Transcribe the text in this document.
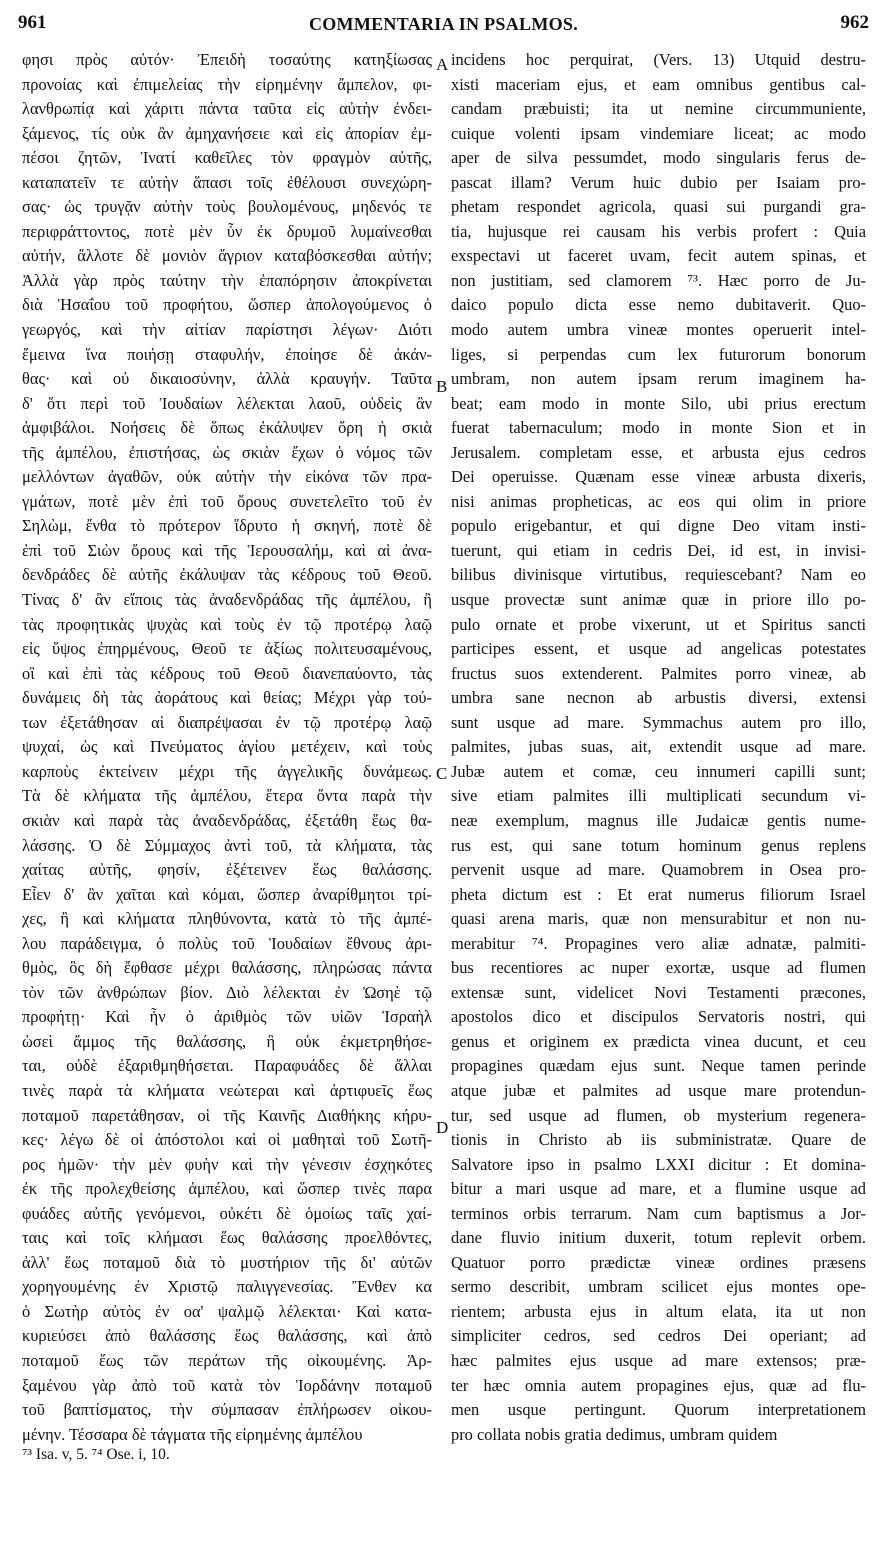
961	COMMENTARIA IN PSALMOS.	962
φησι πρὸς αὐτόν· Ἐπειδὴ τοσαύτης κατηξίωσας
προνοίας καὶ ἐπιμελείας τὴν εἰρημένην ἄμπελον, φι-
λανθρωπίᾳ καὶ χάριτι πάντα ταῦτα εἰς αὐτὴν ἐνδει-
ξάμενος, τίς οὐκ ἂν ἀμηχανήσειε καὶ εἰς ἀπορίαν ἐμ-
πέσοι ζητῶν, Ἱνατί καθεῖλες τὸν φραγμὸν αὐτῆς,
καταπατεῖν τε αὐτὴν ἅπασι τοῖς ἐθέλουσι συνεχώρη-
σας· ὡς τρυγᾷν αὐτὴν τοὺς βουλομένους, μηδενός τε
περιφράττοντος, ποτὲ μὲν ὗν ἐκ δρυμοῦ λυμαίνεσθαι
αὐτήν, ἄλλοτε δὲ μονιὸν ἄγριον καταβόσκεσθαι αὐτήν;
Ἀλλὰ γὰρ πρὸς ταύτην τὴν ἐπαπόρησιν ἀποκρίνεται
διὰ Ἡσαΐου τοῦ προφήτου, ὥσπερ ἀπολογούμενος ὁ
γεωργός, καὶ τὴν αἰτίαν παρίστησι λέγων· Διότι
ἔμεινα ἵνα ποιήσῃ σταφυλήν, ἐποίησε δὲ ἀκάν-
θας· καὶ οὐ δικαιοσύνην, ἀλλὰ κραυγήν. Ταῦτα
δ' ὅτι περὶ τοῦ Ἰουδαίων λέλεκται λαοῦ, οὐδεὶς ἂν
ἀμφιβάλοι. Νοήσεις δὲ ὅπως ἐκάλυψεν ὄρη ἡ σκιὰ
τῆς ἀμπέλου, ἐπιστήσας, ὡς σκιὰν ἔχων ὁ νόμος τῶν
μελλόντων ἀγαθῶν, οὐκ αὐτὴν τὴν εἰκόνα τῶν πρα-
γμάτων, ποτὲ μὲν ἐπὶ τοῦ ὄρους συνετελεῖτο τοῦ ἐν
Σηλὼμ, ἔνθα τὸ πρότερον ἵδρυτο ἡ σκηνή, ποτὲ δὲ
ἐπὶ τοῦ Σιὼν ὄρους καὶ τῆς Ἱερουσαλήμ, καὶ αἱ ἀνα-
δενδράδες δὲ αὐτῆς ἐκάλυψαν τὰς κέδρους τοῦ Θεοῦ.
Τίνας δ' ἂν εἴποις τὰς ἀναδενδράδας τῆς ἀμπέλου, ἢ
τὰς προφητικὰς ψυχὰς καὶ τοὺς ἐν τῷ προτέρῳ λαῷ
εἰς ὕψος ἐπηρμένους, Θεοῦ τε ἀξίως πολιτευσαμένους,
οἳ καὶ ἐπὶ τὰς κέδρους τοῦ Θεοῦ διανεπαύοντο, τὰς
δυνάμεις δὴ τὰς ἀοράτους καὶ θείας; Μέχρι γὰρ τού-
των ἐξετάθησαν αἱ διαπρέψασαι ἐν τῷ προτέρῳ λαῷ
ψυχαί, ὡς καὶ Πνεύματος ἁγίου μετέχειν, καὶ τοὺς
καρποὺς ἐκτείνειν μέχρι τῆς ἀγγελικῆς δυνάμεως.
Τὰ δὲ κλήματα τῆς ἀμπέλου, ἕτερα ὄντα παρὰ τὴν
σκιὰν καὶ παρὰ τὰς ἀναδενδράδας, ἐξετάθη ἕως θα-
λάσσης. Ὁ δὲ Σύμμαχος ἀντὶ τοῦ, τὰ κλήματα, τὰς
χαίτας αὐτῆς, φησίν, ἐξέτεινεν ἕως θαλάσσης.
Εἶεν δ' ἂν χαῖται καὶ κόμαι, ὥσπερ ἀναρίθμητοι τρί-
χες, ἢ καὶ κλήματα πληθύνοντα, κατὰ τὸ τῆς ἀμπέ-
λου παράδειγμα, ὁ πολὺς τοῦ Ἰουδαίων ἔθνους ἀρι-
θμὸς, ὃς δὴ ἔφθασε μέχρι θαλάσσης, πληρώσας πάντα
τὸν τῶν ἀνθρώπων βίον. Διὸ λέλεκται ἐν Ὠσηὲ τῷ
προφήτῃ· Καὶ ἦν ὁ ἀριθμὸς τῶν υἱῶν Ἰσραὴλ
ὡσεὶ ἄμμος τῆς θαλάσσης, ἣ οὐκ ἐκμετρηθήσε-
ται, οὐδὲ ἐξαριθμηθήσεται. Παραφυάδες δὲ ἄλλαι
τινὲς παρὰ τὰ κλήματα νεώτεραι καὶ ἀρτιφυεῖς ἕως
ποταμοῦ παρετάθησαν, οἱ τῆς Καινῆς Διαθήκης κήρυ-
κες· λέγω δὲ οἱ ἀπόστολοι καὶ οἱ μαθηταὶ τοῦ Σωτῆ-
ρος ἡμῶν· τὴν μὲν φυὴν καὶ τὴν γένεσιν ἐσχηκότες
ἐκ τῆς προλεχθείσης ἀμπέλου, καὶ ὥσπερ τινὲς παρα
φυάδες αὐτῆς γενόμενοι, οὐκέτι δὲ ὁμοίως ταῖς χαί-
ταις καὶ τοῖς κλήμασι ἕως θαλάσσης προελθόντες,
ἀλλ' ἕως ποταμοῦ διὰ τὸ μυστήριον τῆς δι' αὐτῶν
χορηγουμένης ἐν Χριστῷ παλιγγενεσίας. Ἔνθεν κα
ὁ Σωτὴρ αὐτὸς ἐν οα' ψαλμῷ λέλεκται· Καὶ κατα-
κυριεύσει ἀπὸ θαλάσσης ἕως θαλάσσης, καὶ ἀπὸ
ποταμοῦ ἕως τῶν περάτων τῆς οἰκουμένης. Ἀρ-
ξαμένου γὰρ ἀπὸ τοῦ κατὰ τὸν Ἰορδάνην ποταμοῦ
τοῦ βαπτίσματος, τὴν σύμπασαν ἐπλήρωσεν οἰκου-
μένην. Τέσσαρα δὲ τάγματα τῆς εἰρημένης ἀμπέλου
incidens hoc perquirat, (Vers. 13) Utquid destru-
xisti maceriam ejus, et eam omnibus gentibus cal-
candam præbuisti; ita ut nemine circummuniente,
cuique volenti ipsam vindemiare liceat; ac modo
aper de silva pessumdet, modo singularis ferus de-
pascat illam? Verum huic dubio per Isaiam pro-
phetam respondet agricola, quasi sui purgandi gra-
tia, hujusque rei causam his verbis profert : Quia
exspectavi ut faceret uvam, fecit autem spinas, et
non justitiam, sed clamorem ⁷³. Hæc porro de Ju-
daico populo dicta esse nemo dubitaverit. Quo-
modo autem umbra vineæ montes operuerit intel-
liges, si perpendas cum lex futurorum bonorum
umbram, non autem ipsam rerum imaginem ha-
beat; eam modo in monte Silo, ubi prius erectum
fuerat tabernaculum; modo in monte Sion et in
Jerusalem. completam esse, et arbusta ejus cedros
Dei operuisse. Quænam esse vineæ arbusta dixeris,
nisi animas propheticas, ac eos qui olim in priore
populo erigebantur, et qui digne Deo vitam insti-
tuerunt, qui etiam in cedris Dei, id est, in invisi-
bilibus divinisque virtutibus, requiescebant? Nam eo
usque provectæ sunt animæ quæ in priore illo po-
pulo ornate et probe vixerunt, ut et Spiritus sancti
participes essent, et usque ad angelicas potestates
fructus suos extenderent. Palmites porro vineæ, ab
umbra sane necnon ab arbustis diversi, extensi
sunt usque ad mare. Symmachus autem pro illo,
palmites, jubas suas, ait, extendit usque ad mare.
Jubæ autem et comæ, ceu innumeri capilli sunt;
sive etiam palmites illi multiplicati secundum vi-
neæ exemplum, magnus ille Judaicæ gentis nume-
rus est, qui sane totum hominum genus replens
pervenit usque ad mare. Quamobrem in Osea pro-
pheta dictum est : Et erat numerus filiorum Israel
quasi arena maris, quæ non mensurabitur et non nu-
merabitur ⁷⁴. Propagines vero aliæ adnatæ, palmiti-
bus recentiores ac nuper exortæ, usque ad flumen
extensæ sunt, videlicet Novi Testamenti præcones,
apostolos dico et discipulos Servatoris nostri, qui
genus et originem ex prædicta vinea ducunt, et ceu
propagines quædam ejus sunt. Neque tamen perinde
atque jubæ et palmites ad usque mare protendun-
tur, sed usque ad flumen, ob mysterium regenera-
tionis in Christo ab iis subministratæ. Quare de
Salvatore ipso in psalmo LXXI dicitur : Et domina-
bitur a mari usque ad mare, et a flumine usque ad
terminos orbis terrarum. Nam cum baptismus a Jor-
dane fluvio initium duxerit, totum replevit orbem.
Quatuor porro prædictæ vineæ ordines præsens
sermo describit, umbram scilicet ejus montes ope-
rientem; arbusta ejus in altum elata, ita ut non
simpliciter cedros, sed cedros Dei operiant; ad
hæc palmites ejus usque ad mare extensos; præ-
ter hæc omnia autem propagines ejus, quæ ad flu-
men usque pertingunt. Quorum interpretationem
pro collata nobis gratia dedimus, umbram quidem
A
B
C
D
⁷³ Isa. v, 5. ⁷⁴ Ose. i, 10.
